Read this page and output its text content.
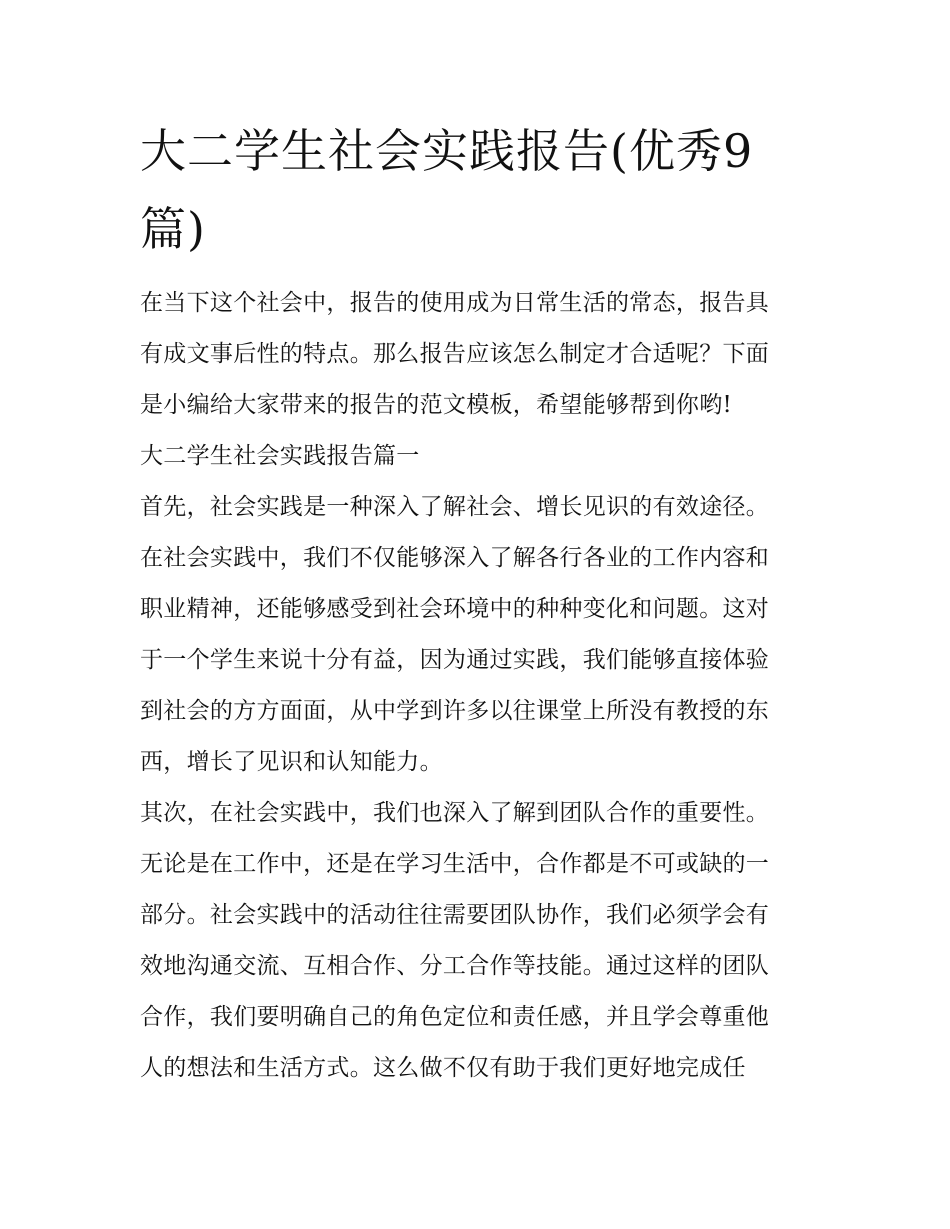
大二学生社会实践报告(优秀9篇)
在当下这个社会中，报告的使用成为日常生活的常态，报告具
有成文事后性的特点。那么报告应该怎么制定才合适呢？下面
是小编给大家带来的报告的范文模板，希望能够帮到你哟!
大二学生社会实践报告篇一
首先，社会实践是一种深入了解社会、增长见识的有效途径。
在社会实践中，我们不仅能够深入了解各行各业的工作内容和
职业精神，还能够感受到社会环境中的种种变化和问题。这对
于一个学生来说十分有益，因为通过实践，我们能够直接体验
到社会的方方面面，从中学到许多以往课堂上所没有教授的东
西，增长了见识和认知能力。
其次，在社会实践中，我们也深入了解到团队合作的重要性。
无论是在工作中，还是在学习生活中，合作都是不可或缺的一
部分。社会实践中的活动往往需要团队协作，我们必须学会有
效地沟通交流、互相合作、分工合作等技能。通过这样的团队
合作，我们要明确自己的角色定位和责任感，并且学会尊重他
人的想法和生活方式。这么做不仅有助于我们更好地完成任
